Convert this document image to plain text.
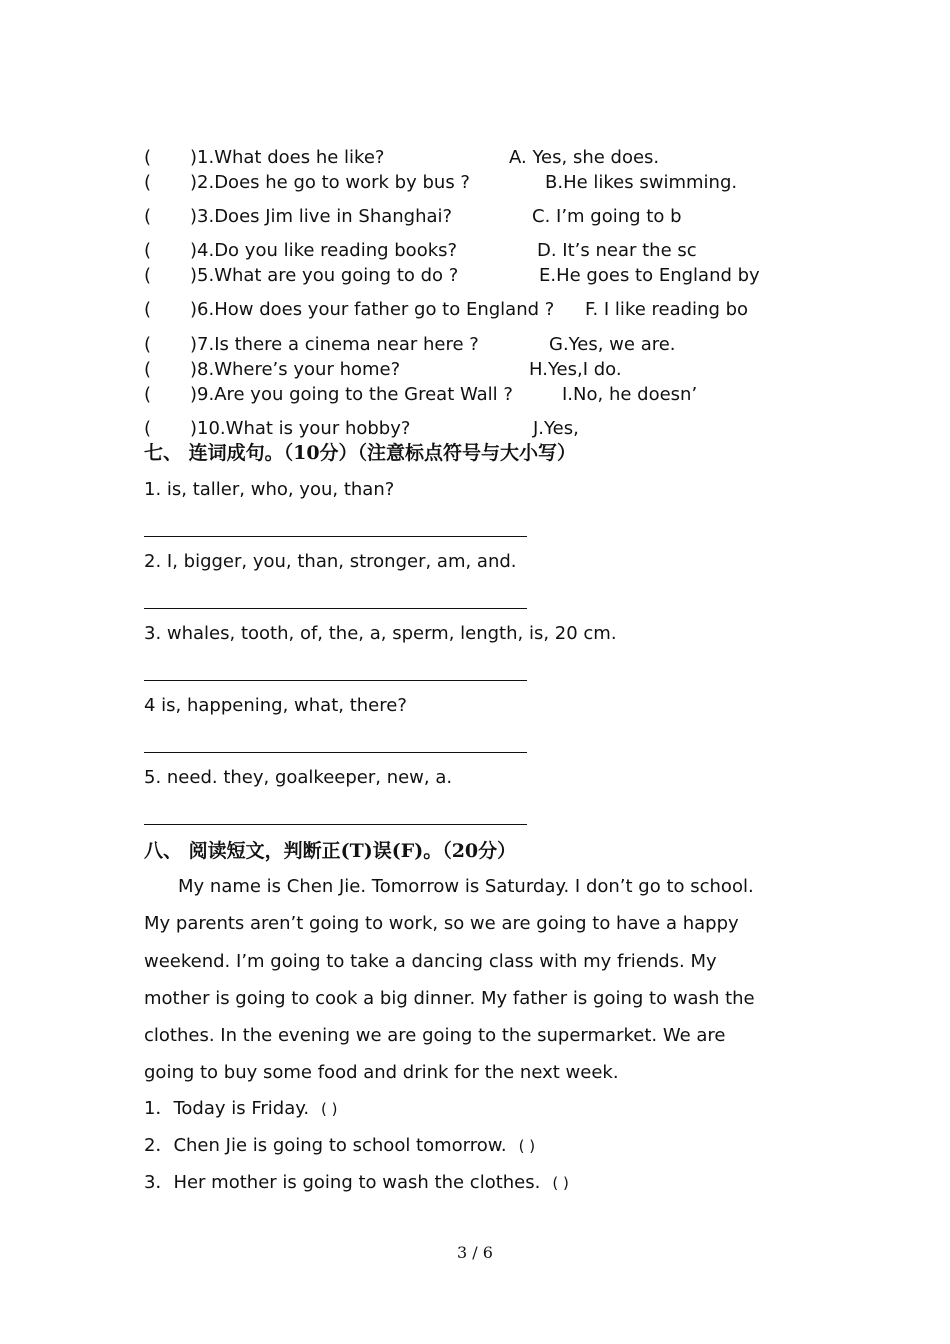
( )1.What does he like?	A. Yes, she does.
( )2.Does he go to work by bus ?	B.He likes swimming.
( )3.Does Jim live in Shanghai?	C. I’m going to b
( )4.Do you like reading books?	D. It’s near the sc
( )5.What are you going to do ?	E.He goes to England by
( )6.How does your father go to England ? F. I like reading bo
( )7.Is there a cinema near here ?	G.Yes, we are.
( )8.Where’s your home?	H.Yes,I do.
( )9.Are you going to the Great Wall ?	I.No, he doesn’
( )10.What is your hobby?	J.Yes,
七、 连词成句。（10分）（注意标点符号与大小写）
1. is, taller, who, you, than?
2. I, bigger, you, than, stronger, am, and.
3. whales, tooth, of, the, a, sperm, length, is, 20 cm.
4 is, happening, what, there?
5. need. they, goalkeeper, new, a.
八、 阅读短文，判断正(T)误(F)。（20分）
My name is Chen Jie. Tomorrow is Saturday. I don’t go to school.
My parents aren’t going to work, so we are going to have a happy
weekend. I’m going to take a dancing class with my friends. My
mother is going to cook a big dinner. My father is going to wash the
clothes. In the evening we are going to the supermarket. We are
going to buy some food and drink for the next week.
1．Today is Friday. ( )
2．Chen Jie is going to school tomorrow. ( )
3．Her mother is going to wash the clothes. ( )
3 / 6
